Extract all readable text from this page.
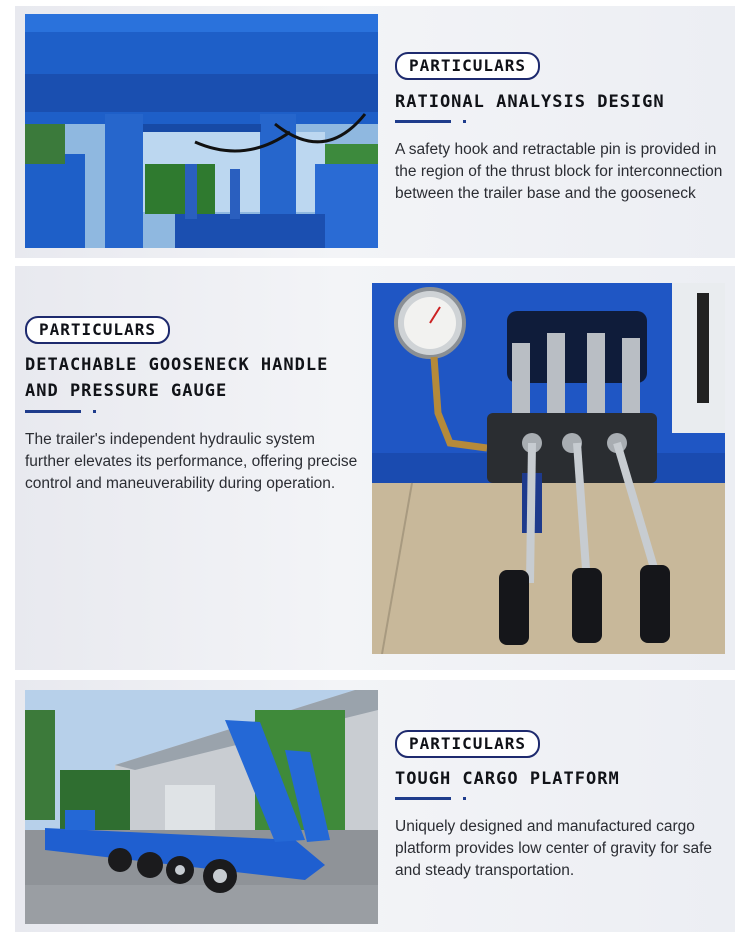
PARTICULARS
RATIONAL ANALYSIS DESIGN
A safety hook and retractable pin is provided in the region of the thrust block for interconnection between the trailer base and the gooseneck
PARTICULARS
DETACHABLE GOOSENECK HANDLE
AND PRESSURE GAUGE
The trailer's independent hydraulic system further elevates its performance, offering precise control and maneuverability during operation.
PARTICULARS
TOUGH CARGO PLATFORM
Uniquely designed and manufactured cargo platform provides low center of gravity for safe and steady transportation.
